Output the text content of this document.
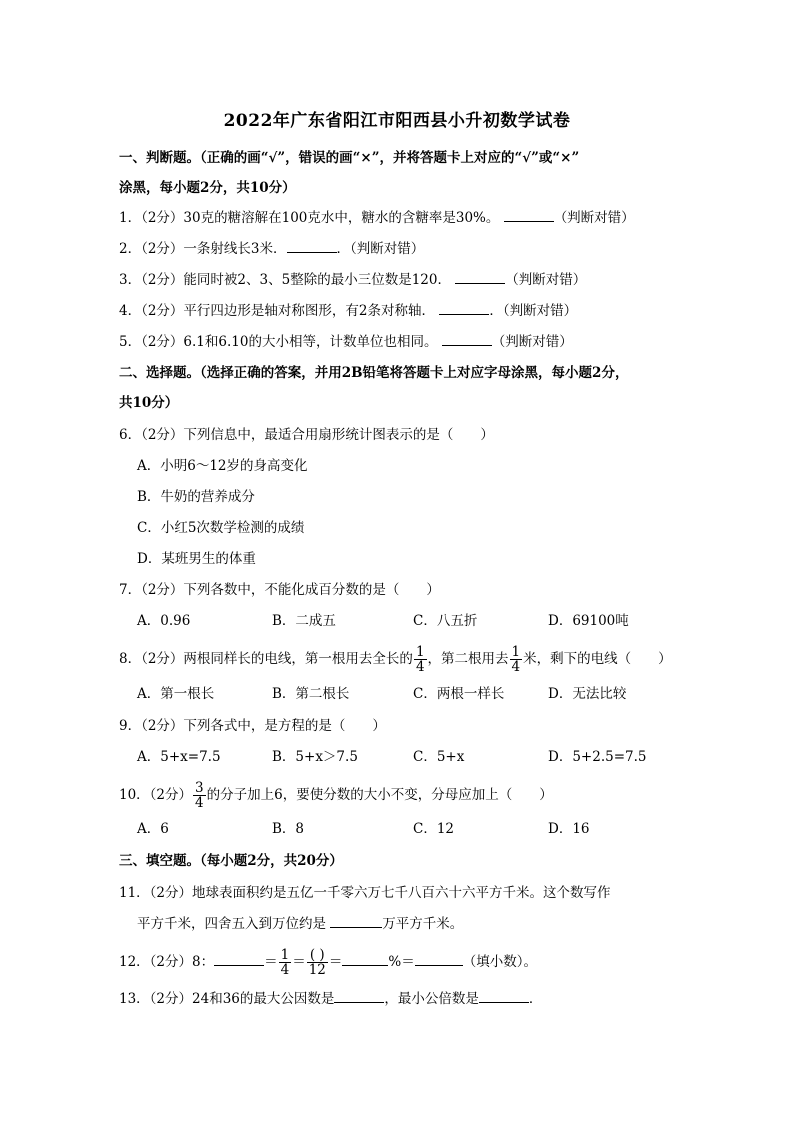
2022年广东省阳江市阳西县小升初数学试卷
一、判断题。（正确的画“√”，错误的画“×”，并将答题卡上对应的“√”或“×”
涂黑，每小题2分，共10分）
1．（2分）30克的糖溶解在100克水中，糖水的含糖率是30%。	（判断对错）
2．（2分）一条射线长3米．	．（判断对错）
3．（2分）能同时被2、3、5整除的最小三位数是120．	（判断对错）
4．（2分）平行四边形是轴对称图形，有2条对称轴．	．（判断对错）
5．（2分）6.1和6.10的大小相等，计数单位也相同。	（判断对错）
二、选择题。（选择正确的答案，并用2B铅笔将答题卡上对应字母涂黑，每小题2分，
共10分）
6．（2分）下列信息中，最适合用扇形统计图表示的是（　　）
A．小明6～12岁的身高变化
B．牛奶的营养成分
C．小红5次数学检测的成绩
D．某班男生的体重
7．（2分）下列各数中，不能化成百分数的是（　　）
A．0.96	B．二成五	C．八五折	D．69100吨
8．（2分）两根同样长的电线，第一根用去全长的 $\frac{1}{4}$ ，第二根用去 $\frac{1}{4}$ 米，剩下的电线（　　）
A．第一根长	B．第二根长	C．两根一样长	D．无法比较
9．（2分）下列各式中，是方程的是（　　）
A．5+x=7.5	B．5+x＞7.5	C．5+x	D．5+2.5=7.5
10．（2分） $\frac{3}{4}$ 的分子加上6，要使分数的大小不变，分母应加上（　　）
A．6	B．8	C．12	D．16
三、填空题。（每小题2分，共20分）
11．（2分）地球表面积约是五亿一千零六万七千八百六十六平方千米。这个数写作
平方千米，四舍五入到万位约是	万平方千米。
12．（2分）8：	＝ $\frac{1}{4} = \frac{( )}{12}$ ＝	%＝	（填小数）。
13．（2分）24和36的最大公因数是	，最小公倍数是	．
